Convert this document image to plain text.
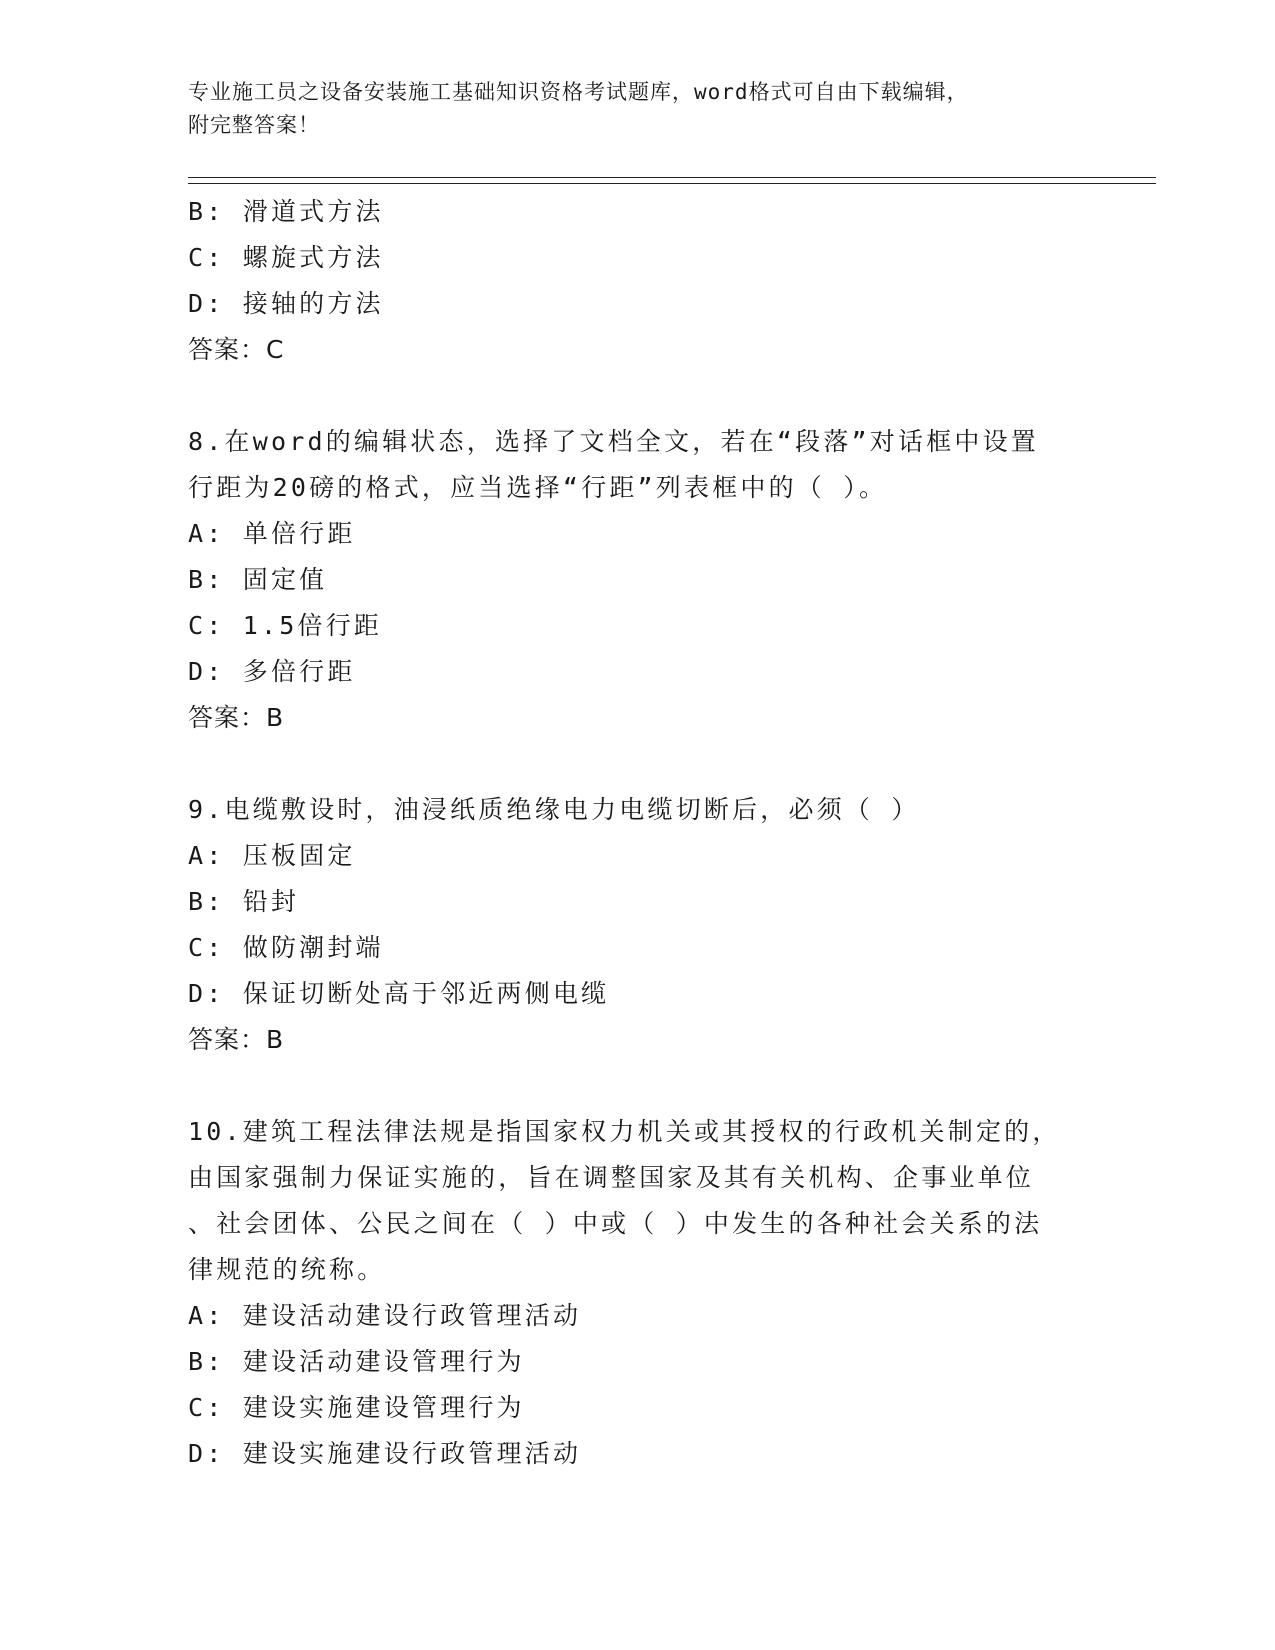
专业施工员之设备安装施工基础知识资格考试题库，word格式可自由下载编辑，
附完整答案！
B: 滑道式方法
C: 螺旋式方法
D: 接轴的方法
答案：C
8.在word的编辑状态，选择了文档全文，若在“段落”对话框中设置
行距为20磅的格式，应当选择“行距”列表框中的（ ）。
A: 单倍行距
B: 固定值
C: 1.5倍行距
D: 多倍行距
答案：B
9.电缆敷设时，油浸纸质绝缘电力电缆切断后，必须（ ）
A: 压板固定
B: 铅封
C: 做防潮封端
D: 保证切断处高于邻近两侧电缆
答案：B
10.建筑工程法律法规是指国家权力机关或其授权的行政机关制定的，
由国家强制力保证实施的，旨在调整国家及其有关机构、企事业单位
、社会团体、公民之间在（ ）中或（ ）中发生的各种社会关系的法
律规范的统称。
A: 建设活动建设行政管理活动
B: 建设活动建设管理行为
C: 建设实施建设管理行为
D: 建设实施建设行政管理活动
